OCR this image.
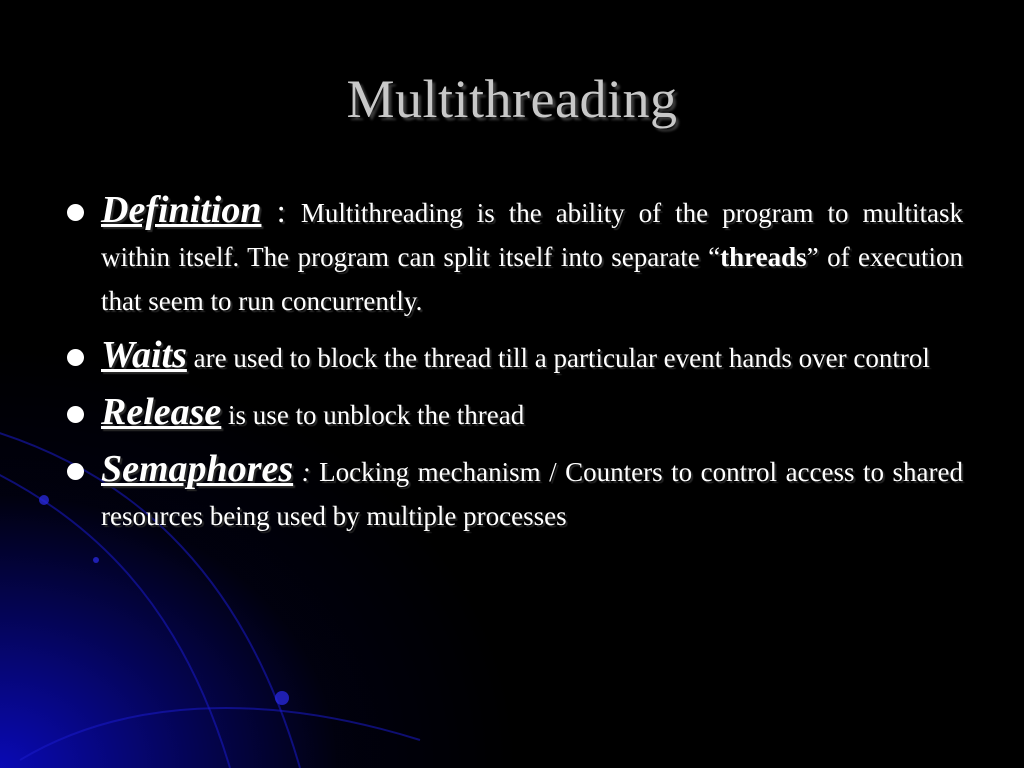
Multithreading
Definition : Multithreading is the ability of the program to multitask within itself. The program can split itself into separate “threads” of execution that seem to run concurrently.
Waits are used to block the thread till a particular event hands over control
Release is use to unblock the thread
Semaphores : Locking mechanism / Counters to control access to shared resources being used by multiple processes
